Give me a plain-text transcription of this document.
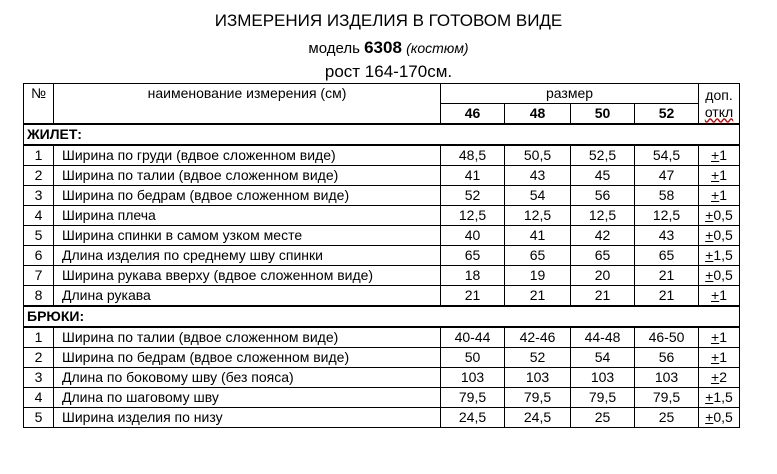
ИЗМЕРЕНИЯ ИЗДЕЛИЯ В ГОТОВОМ ВИДЕ
модель 6308 (костюм)
рост 164-170см.
№	наименование измерения (см)	размер				доп.
откл

		46	48	50	52	
ЖИЛЕТ:						
1	Ширина по груди (вдвое сложенном виде)	48,5	50,5	52,5	54,5	+1
2	Ширина по талии (вдвое сложенном виде)	41	43	45	47	+1
3	Ширина по бедрам (вдвое сложенном виде)	52	54	56	58	+1
4	Ширина плеча	12,5	12,5	12,5	12,5	+0,5
5	Ширина спинки в самом узком месте	40	41	42	43	+0,5
6	Длина изделия по среднему шву спинки	65	65	65	65	+1,5
7	Ширина рукава вверху (вдвое сложенном виде)	18	19	20	21	+0,5
8	Длина рукава	21	21	21	21	+1
БРЮКИ:						
1	Ширина по талии (вдвое сложенном виде)	40-44	42-46	44-48	46-50	+1
2	Ширина по бедрам (вдвое сложенном виде)	50	52	54	56	+1
3	Длина по боковому шву (без пояса)	103	103	103	103	+2
4	Длина по шаговому шву	79,5	79,5	79,5	79,5	+1,5
5	Ширина изделия по низу	24,5	24,5	25	25	+0,5
